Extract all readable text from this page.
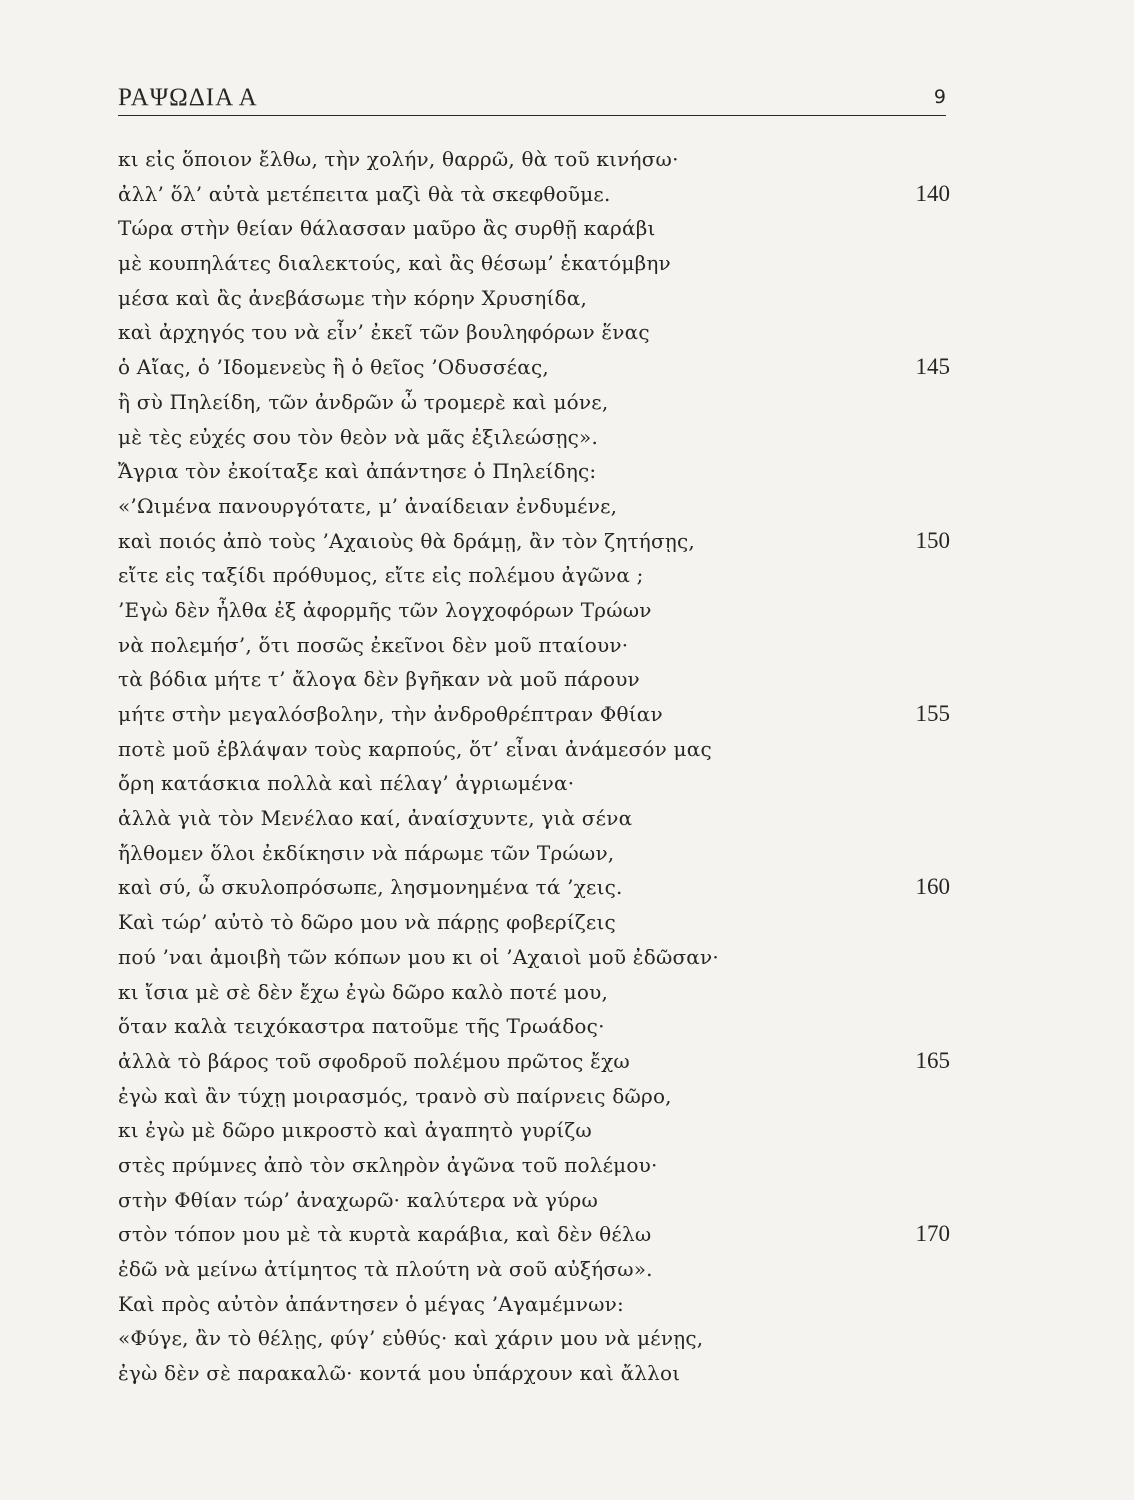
ΡΑΨΩΔΙΑ Α	9
κι εἰς ὅποιον ἔλθω, τὴν χολήν, θαρρῶ, θὰ τοῦ κινήσω·
ἀλλ’ ὅλ’ αὐτὰ μετέπειτα μαζὶ θὰ τὰ σκεφθοῦμε.	140
Τώρα στὴν θείαν θάλασσαν μαῦρο ἂς συρθῇ καράβι
μὲ κουπηλάτες διαλεκτούς, καὶ ἂς θέσωμ’ ἑκατόμβην
μέσα καὶ ἂς ἀνεβάσωμε τὴν κόρην Χρυσηίδα,
καὶ ἀρχηγός του νὰ εἶν’ ἐκεῖ τῶν βουληφόρων ἕνας
ὁ Αἴας, ὁ ’Ιδομενεὺς ἢ ὁ θεῖος ’Οδυσσέας,	145
ἢ σὺ Πηλείδη, τῶν ἀνδρῶν ὦ τρομερὲ καὶ μόνε,
μὲ τὲς εὐχές σου τὸν θεὸν νὰ μᾶς ἐξιλεώσῃς».
Ἄγρια τὸν ἐκοίταξε καὶ ἀπάντησε ὁ Πηλείδης:
«’Ωιμένα πανουργότατε, μ’ ἀναίδειαν ἐνδυμένε,
καὶ ποιός ἀπὸ τοὺς ’Αχαιοὺς θὰ δράμῃ, ἂν τὸν ζητήσῃς,	150
εἴτε εἰς ταξίδι πρόθυμος, εἴτε εἰς πολέμου ἀγῶνα ;
’Εγὼ δὲν ἦλθα ἐξ ἀφορμῆς τῶν λογχοφόρων Τρώων
νὰ πολεμήσ’, ὅτι ποσῶς ἐκεῖνοι δὲν μοῦ πταίουν·
τὰ βόδια μήτε τ’ ἄλογα δὲν βγῆκαν νὰ μοῦ πάρουν
μήτε στὴν μεγαλόσβολην, τὴν ἀνδροθρέπτραν Φθίαν	155
ποτὲ μοῦ ἐβλάψαν τοὺς καρπούς, ὅτ’ εἶναι ἀνάμεσόν μας
ὄρη κατάσκια πολλὰ καὶ πέλαγ’ ἀγριωμένα·
ἀλλὰ γιὰ τὸν Μενέλαο καί, ἀναίσχυντε, γιὰ σένα
ἤλθομεν ὅλοι ἐκδίκησιν νὰ πάρωμε τῶν Τρώων,
καὶ σύ, ὦ σκυλοπρόσωπε, λησμονημένα τά ’χεις.	160
Καὶ τώρ’ αὐτὸ τὸ δῶρο μου νὰ πάρῃς φοβερίζεις
πού ’ναι ἀμοιβὴ τῶν κόπων μου κι οἱ ’Αχαιοὶ μοῦ ἐδῶσαν·
κι ἴσια μὲ σὲ δὲν ἔχω ἐγὼ δῶρο καλὸ ποτέ μου,
ὅταν καλὰ τειχόκαστρα πατοῦμε τῆς Τρωάδος·
ἀλλὰ τὸ βάρος τοῦ σφοδροῦ πολέμου πρῶτος ἔχω	165
ἐγὼ καὶ ἂν τύχῃ μοιρασμός, τρανὸ σὺ παίρνεις δῶρο,
κι ἐγὼ μὲ δῶρο μικροστὸ καὶ ἀγαπητὸ γυρίζω
στὲς πρύμνες ἀπὸ τὸν σκληρὸν ἀγῶνα τοῦ πολέμου·
στὴν Φθίαν τώρ’ ἀναχωρῶ· καλύτερα νὰ γύρω
στὸν τόπον μου μὲ τὰ κυρτὰ καράβια, καὶ δὲν θέλω	170
ἐδῶ νὰ μείνω ἀτίμητος τὰ πλούτη νὰ σοῦ αὐξήσω».
Καὶ πρὸς αὐτὸν ἀπάντησεν ὁ μέγας ’Αγαμέμνων:
«Φύγε, ἂν τὸ θέλῃς, φύγ’ εὐθύς· καὶ χάριν μου νὰ μένῃς,
ἐγὼ δὲν σὲ παρακαλῶ· κοντά μου ὑπάρχουν καὶ ἄλλοι
